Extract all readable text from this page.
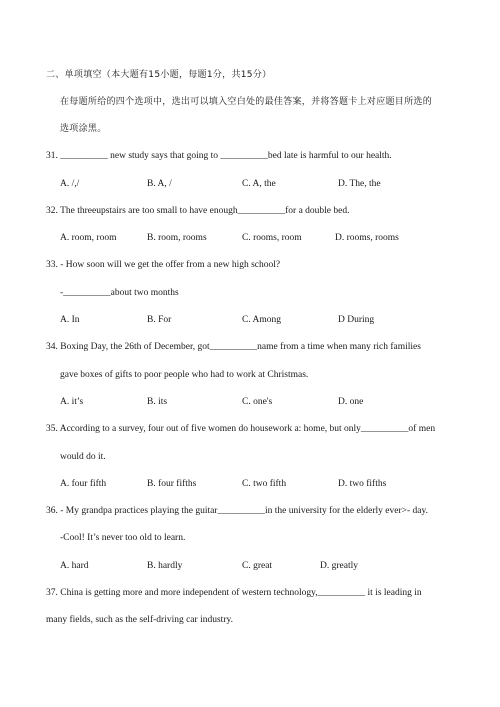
二、单项填空（本大题有15小题，每题1分，共15分）
在每题所给的四个选项中，选出可以填入空白处的最佳答案，并将答题卡上对应题目所选的
选项涂黑。
31. __________ new study says that going to __________bed late is harmful to our health.
A. /,/	B. A, /	C. A, the	D. The, the
32. The threeupstairs are too small to have enough__________for a double bed.
A. room, room	B. room, rooms	C. rooms, room	D. rooms, rooms
33. - How soon will we get the offer from a new high school?
-__________about two months
A. In	B. For	C. Among	D During
34. Boxing Day, the 26th of December, got__________name from a time when many rich families
gave boxes of gifts to poor people who had to work at Christmas.
A. it’s	B. its	C. one's	D. one
35. According to a survey, four out of five women do housework a: home, but only__________of men
would do it.
A. four fifth	B. four fifths	C. two fifth	D. two fifths
36. - My grandpa practices playing the guitar__________in the university for the elderly ever>- day.
-Cool! It’s never too old to learn.
A. hard	B. hardly	C. great	D. greatly
37. China is getting more and more independent of western technology,__________ it is leading in
many fields, such as the self-driving car industry.
